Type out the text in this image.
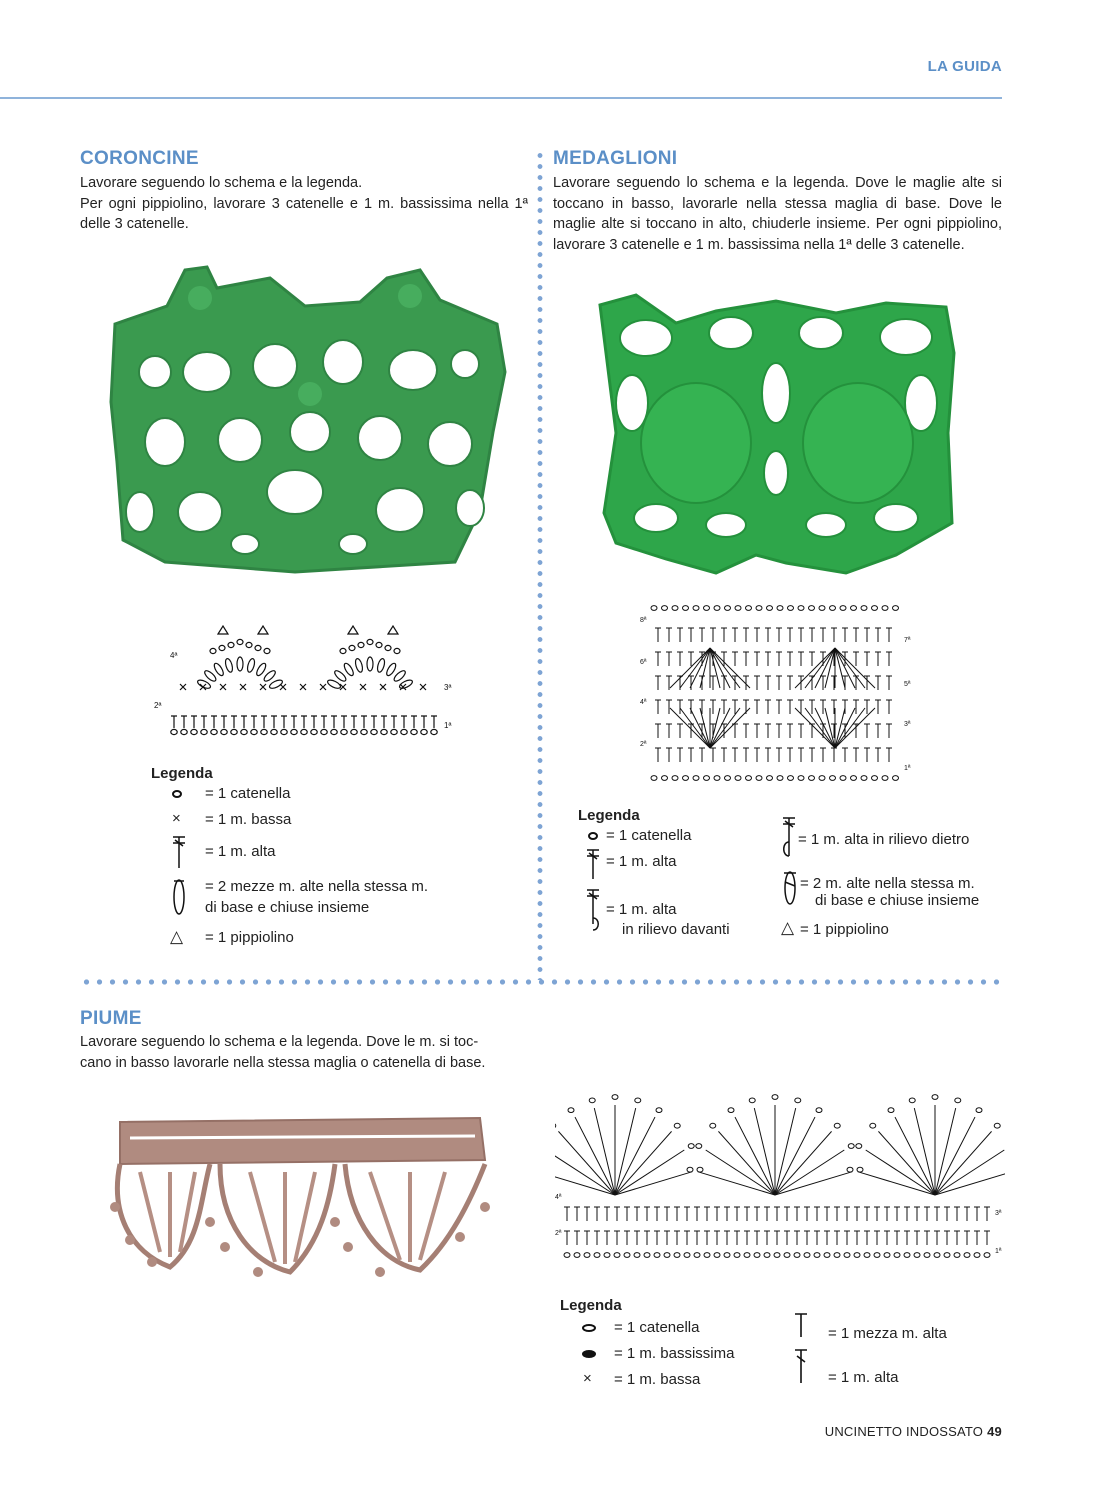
LA GUIDA
CORONCINE
Lavorare seguendo lo schema e la legenda.
Per ogni pippiolino, lavorare 3 catenelle e 1 m. bassissima nella 1ª delle 3 catenelle.
4ª
2ª
3ª
1ª
Legenda
= 1 catenella
× = 1 m. bassa
= 1 m. alta
= 2 mezze m. alte nella stessa m.
di base e chiuse insieme
△ = 1 pippiolino
MEDAGLIONI
Lavorare seguendo lo schema e la legenda. Dove le maglie alte si toccano in basso, lavorarle nella stessa maglia di base. Dove le maglie alte si toccano in alto, chiuderle insieme. Per ogni pippiolino, lavorare 3 catenelle e 1 m. bassissima nella 1ª delle 3 catenelle.
8ª
6ª
4ª
2ª
7ª
5ª
3ª
1ª
Legenda
= 1 catenella
= 1 m. alta
= 1 m. alta
in rilievo davanti
= 1 m. alta in rilievo dietro
= 2 m. alte nella stessa m.
di base e chiuse insieme
△ = 1 pippiolino
PIUME
Lavorare seguendo lo schema e la legenda. Dove le m. si toc-
cano in basso lavorarle nella stessa maglia o catenella di base.
4ª
2ª
3ª
1ª
Legenda
= 1 catenella
= 1 m. bassissima
× = 1 m. bassa
= 1 mezza m. alta
= 1 m. alta
UNCINETTO INDOSSATO 49
